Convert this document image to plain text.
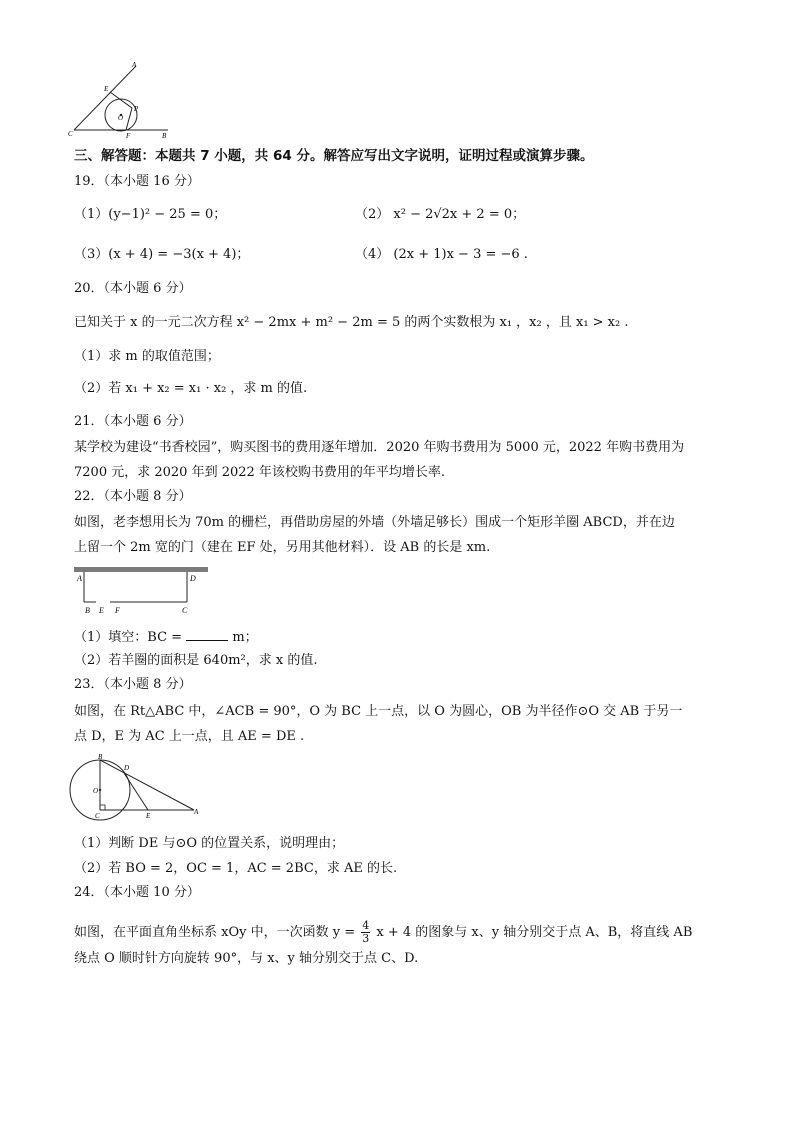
A
E
P
O
C	F	B
三、解答题：本题共 7 小题，共 64 分。解答应写出文字说明，证明过程或演算步骤。
19．（本小题 16 分）
（1）(y−1)² − 25 = 0；	（2） x² − 2√2x + 2 = 0；
（3）(x + 4) = −3(x + 4)；	（4） (2x + 1)x − 3 = −6 .
20．（本小题 6 分）
已知关于 x 的一元二次方程 x² − 2mx + m² − 2m = 5 的两个实数根为 x₁ ，x₂ ，且 x₁ > x₂ .
（1）求 m 的取值范围；
（2）若 x₁ + x₂ = x₁ · x₂ ，求 m 的值.
21．（本小题 6 分）
某学校为建设“书香校园”，购买图书的费用逐年增加．2020 年购书费用为 5000 元，2022 年购书费用为
7200 元，求 2020 年到 2022 年该校购书费用的年平均增长率.
22．（本小题 8 分）
如图，老李想用长为 70m 的栅栏，再借助房屋的外墙（外墙足够长）围成一个矩形羊圈 ABCD，并在边
上留一个 2m 宽的门（建在 EF 处，另用其他材料）．设 AB 的长是 xm.
A	D
B E F	C
（1）填空：BC =	m；
（2）若羊圈的面积是 640m²，求 x 的值.
23．（本小题 8 分）
如图，在 Rt△ABC 中，∠ACB = 90°，O 为 BC 上一点，以 O 为圆心，OB 为半径作⊙O 交 AB 于另一
点 D，E 为 AC 上一点，且 AE = DE .
B
D
O
C	E	A
（1）判断 DE 与⊙O 的位置关系，说明理由；
（2）若 BO = 2，OC = 1，AC = 2BC，求 AE 的长.
24．（本小题 10 分）
如图，在平面直角坐标系 xOy 中，一次函数 $y = \frac{4}{3}$ x + 4 的图象与 x、y 轴分别交于点 A、B，将直线 AB
绕点 O 顺时针方向旋转 90°，与 x、y 轴分别交于点 C、D.
